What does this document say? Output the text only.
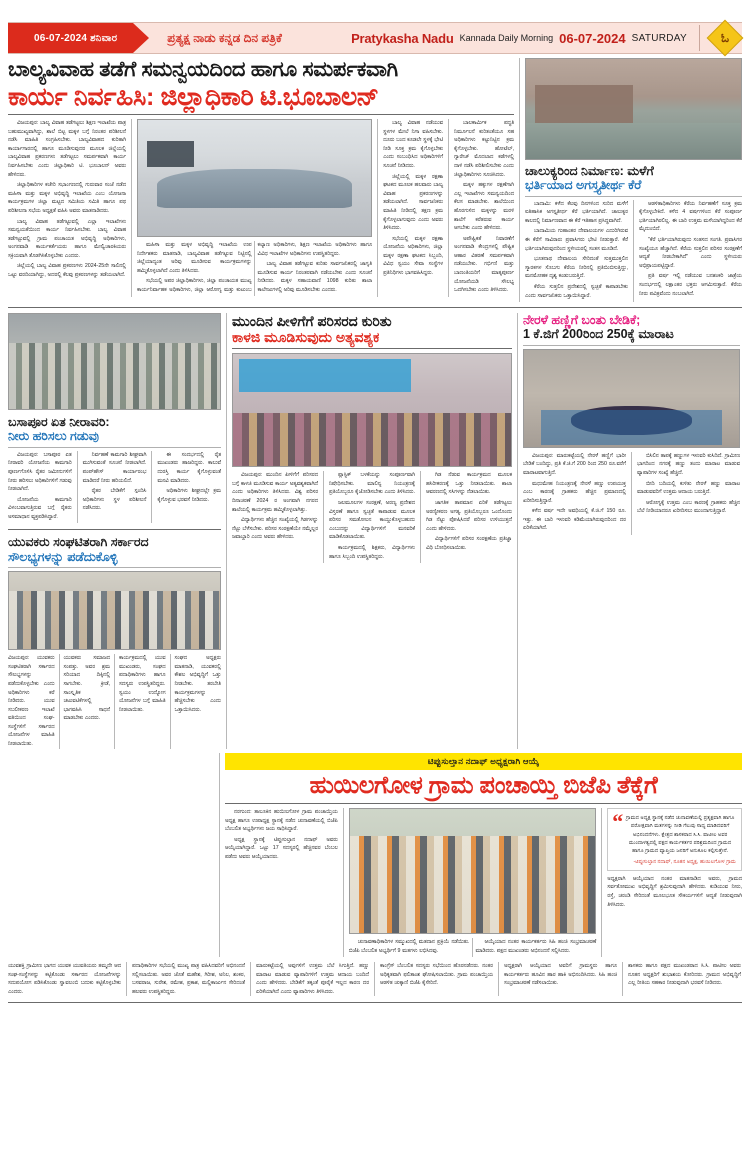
06-07-2024 ಶನಿವಾರ	ಪ್ರತ್ಯಕ್ಷ ನಾಡು ಕನ್ನಡ ದಿನ ಪತ್ರಿಕೆ	Pratykasha Nadu Kannada Daily Morning 06-07-2024 SATURDAY	ಓ
ಬಾಲ್ಯವಿವಾಹ ತಡೆಗೆ ಸಮನ್ವಯದಿಂದ ಹಾಗೂ ಸಮರ್ಪಕವಾಗಿ
ಕಾರ್ಯ ನಿರ್ವಹಿಸಿ: ಜಿಲ್ಲಾಧಿಕಾರಿ ಟಿ.ಭೂಬಾಲನ್

ವಿಜಯಪುರ: ಬಾಲ್ಯ ವಿವಾಹ ತಡೆಗಟ್ಟಲು ಶಿಕ್ಷಣ ಇಲಾಖೆಯ ಪಾತ್ರ ಬಹುಮುಖ್ಯವಾಗಿದ್ದು, ಶಾಲೆ ಬಿಟ್ಟ ಮಕ್ಕಳ ಬಗ್ಗೆ ನಿರಂತರ ಪರಿಶೀಲನೆ ನಡೆಸಿ ಮಾಹಿತಿ ಸಂಗ್ರಹಿಸಬೇಕು. ಬಾಲ್ಯವಿವಾಹದ ಕುರಿತಾಗಿ ಕಾರ್ಯಾಗಾರದಲ್ಲಿ ಹಾಗೂ ಮೂಡಿಸುವುದರ ಮೂಲಕ ಜಿಲ್ಲೆಯಲ್ಲಿ ಬಾಲ್ಯವಿವಾಹ ಪ್ರಕರಣಗಳು ತಡೆಗಟ್ಟಲು ಸಮರ್ಪಕವಾಗಿ ಕಾರ್ಯ ನಿರ್ವಹಿಸಬೇಕು ಎಂದು ಜಿಲ್ಲಾಧಿಕಾರಿ ಟಿ. ಭೂಬಾಲನ್ ಅವರು ಹೇಳಿದರು.

ಜಿಲ್ಲಾಧಿಕಾರಿಗಳ ಕಚೇರಿ ಸಭಾಂಗಣದಲ್ಲಿ ಗುರುವಾರ ಸಂಜೆ ನಡೆದ ಮಹಿಳಾ ಮತ್ತು ಮಕ್ಕಳ ಅಭಿವೃದ್ಧಿ ಇಲಾಖೆಯ ಎಂಬ ಯೋಜನಾ ಕಾರ್ಯಕ್ರಮಗಳ ಜಿಲ್ಲಾ ಮಟ್ಟದ ಸಮಿತಿಯ ಸಮಿತಿ ಹಾಗೂ ಪಥ ಪರಿಶೀಲನಾ ಸಭೆಯ ಅಧ್ಯಕ್ಷತೆ ವಹಿಸಿ ಅವರು ಮಾತನಾಡಿದರು.

ಬಾಲ್ಯ ವಿವಾಹ ತಡೆಗಟ್ಟುವಲ್ಲಿ ಎಲ್ಲಾ ಇಲಾಖೆಗಳು ಸಮನ್ವಯತೆಯಿಂದ ಕಾರ್ಯ ನಿರ್ವಹಿಸಬೇಕು. ಬಾಲ್ಯ ವಿವಾಹ ತಡೆಗಟ್ಟುವಲ್ಲಿ ಗ್ರಾಮ ಪಂಚಾಯತ ಅಭಿವೃದ್ಧಿ ಅಧಿಕಾರಿಗಳು, ಅಂಗನವಾಡಿ ಕಾರ್ಯಕರ್ತೆಯರು ಹಾಗೂ ಮೇಲ್ವಿಚಾರಕಿಯರು ಸಕ್ರಿಯವಾಗಿ ತೊಡಗಿಸಿಕೊಳ್ಳಬೇಕು ಎಂದರು.

ಜಿಲ್ಲೆಯಲ್ಲಿ ಬಾಲ್ಯ ವಿವಾಹ ಪ್ರಕರಣಗಳು 2024-25ನೇ ಸಾಲಿನಲ್ಲಿ ಒಟ್ಟು ವರದಿಯಾಗಿದ್ದು, ಅದರಲ್ಲಿ ಕೆಲವು ಪ್ರಕರಣಗಳನ್ನು ತಡೆಯಲಾಗಿದೆ.

ಮಹಿಳಾ ಮತ್ತು ಮಕ್ಕಳ ಅಭಿವೃದ್ಧಿ ಇಲಾಖೆಯ ಉಪ ನಿರ್ದೇಶಕರು ಮಾತನಾಡಿ, ಬಾಲ್ಯವಿವಾಹ ತಡೆಗಟ್ಟುವ ನಿಟ್ಟಿನಲ್ಲಿ ಜಿಲ್ಲೆಯಾದ್ಯಂತ ಅರಿವು ಮೂಡಿಸುವ ಕಾರ್ಯಕ್ರಮಗಳನ್ನು ಹಮ್ಮಿಕೊಳ್ಳಲಾಗಿದೆ ಎಂದು ತಿಳಿಸಿದರು.

ಸಭೆಯಲ್ಲಿ ಅಪರ ಜಿಲ್ಲಾಧಿಕಾರಿಗಳು, ಜಿಲ್ಲಾ ಪಂಚಾಯತ ಮುಖ್ಯ ಕಾರ್ಯನಿರ್ವಾಹಕ ಅಧಿಕಾರಿಗಳು, ಜಿಲ್ಲಾ ಆರೋಗ್ಯ ಮತ್ತು ಕುಟುಂಬ ಕಲ್ಯಾಣ ಅಧಿಕಾರಿಗಳು, ಶಿಕ್ಷಣ ಇಲಾಖೆಯ ಅಧಿಕಾರಿಗಳು ಹಾಗೂ ವಿವಿಧ ಇಲಾಖೆಗಳ ಅಧಿಕಾರಿಗಳು ಉಪಸ್ಥಿತರಿದ್ದರು.

ಬಾಲ್ಯ ವಿವಾಹ ತಡೆಗಟ್ಟುವ ಕುರಿತು ಸಾರ್ವಜನಿಕರಲ್ಲಿ ಜಾಗೃತಿ ಮೂಡಿಸುವ ಕಾರ್ಯ ನಿರಂತರವಾಗಿ ನಡೆಯಬೇಕು ಎಂದು ಸೂಚನೆ ನೀಡಿದರು. ಮಕ್ಕಳ ಸಹಾಯವಾಣಿ 1098 ಕುರಿತು ಶಾಲಾ ಕಾಲೇಜುಗಳಲ್ಲಿ ಅರಿವು ಮೂಡಿಸಬೇಕು ಎಂದರು.

ಬಾಲ್ಯ ವಿವಾಹ ನಡೆಯುವ ಸ್ಥಳಗಳ ಮೇಲೆ ನಿಗಾ ವಹಿಸಬೇಕು. ದೂರು ಬಂದ ಕೂಡಲೇ ಸ್ಥಳಕ್ಕೆ ಭೇಟಿ ನೀಡಿ ಸೂಕ್ತ ಕ್ರಮ ಕೈಗೊಳ್ಳಬೇಕು ಎಂದು ಸಂಬಂಧಿಸಿದ ಅಧಿಕಾರಿಗಳಿಗೆ ಸೂಚನೆ ನೀಡಿದರು.

ಜಿಲ್ಲೆಯಲ್ಲಿ ಮಕ್ಕಳ ರಕ್ಷಣಾ ಘಟಕದ ಮೂಲಕ ಹಲವಾರು ಬಾಲ್ಯ ವಿವಾಹ ಪ್ರಕರಣಗಳನ್ನು ತಡೆಯಲಾಗಿದೆ. ಸಾರ್ವಜನಿಕರು ಮಾಹಿತಿ ನೀಡಿದಲ್ಲಿ ತಕ್ಷಣ ಕ್ರಮ ಕೈಗೊಳ್ಳಲಾಗುವುದು ಎಂದು ಅವರು ತಿಳಿಸಿದರು.

ಸಭೆಯಲ್ಲಿ ಮಕ್ಕಳ ರಕ್ಷಣಾ ಯೋಜನೆಯ ಅಧಿಕಾರಿಗಳು, ಜಿಲ್ಲಾ ಮಕ್ಕಳ ರಕ್ಷಣಾ ಘಟಕದ ಸಿಬ್ಬಂದಿ, ವಿವಿಧ ಸ್ವಯಂ ಸೇವಾ ಸಂಸ್ಥೆಗಳ ಪ್ರತಿನಿಧಿಗಳು ಭಾಗವಹಿಸಿದ್ದರು.

ಬಾಲಕಾರ್ಮಿಕ ಪದ್ಧತಿ ನಿರ್ಮೂಲನೆ ಕುರಿತಂತೆಯೂ ಸಹ ಅಧಿಕಾರಿಗಳು ಕಟ್ಟುನಿಟ್ಟಿನ ಕ್ರಮ ಕೈಗೊಳ್ಳಬೇಕು. ಹೋಟೆಲ್, ಗ್ಯಾರೇಜ್ ಮೊದಲಾದ ಕಡೆಗಳಲ್ಲಿ ದಾಳಿ ನಡೆಸಿ ಪರಿಶೀಲಿಸಬೇಕು ಎಂದು ಜಿಲ್ಲಾಧಿಕಾರಿಗಳು ಸೂಚಿಸಿದರು.

ಮಕ್ಕಳ ಹಕ್ಕುಗಳ ರಕ್ಷಣೆಗಾಗಿ ಎಲ್ಲ ಇಲಾಖೆಗಳು ಸಮನ್ವಯದಿಂದ ಕೆಲಸ ಮಾಡಬೇಕು. ಶಾಲೆಯಿಂದ ಹೊರಗುಳಿದ ಮಕ್ಕಳನ್ನು ಮರಳಿ ಶಾಲೆಗೆ ಕರೆತರುವ ಕಾರ್ಯ ಆಗಬೇಕು ಎಂದು ಹೇಳಿದರು.

ಅಪೌಷ್ಟಿಕತೆ ನಿವಾರಣೆಗೆ ಅಂಗನವಾಡಿ ಕೇಂದ್ರಗಳಲ್ಲಿ ಪೌಷ್ಟಿಕ ಆಹಾರ ವಿತರಣೆ ಸಮರ್ಪಕವಾಗಿ ನಡೆಯಬೇಕು. ಗರ್ಭಿಣಿ ಮತ್ತು ಬಾಣಂತಿಯರಿಗೆ ಮಾತೃಪೂರ್ಣ ಯೋಜನೆಯಡಿ ಸೌಲಭ್ಯ ಒದಗಿಸಬೇಕು ಎಂದು ತಿಳಿಸಿದರು.

ಚಾಲುಕ್ಯರಿಂದ ನಿರ್ಮಾಣ: ಮಳೆಗೆ
ಭರ್ತಿಯಾದ ಅಗಸ್ತ್ಯತೀರ್ಥ ಕೆರೆ

ಬಾದಾಮಿ: ಕಳೆದ ಕೆಲವು ದಿನಗಳಿಂದ ಸುರಿದ ಮಳೆಗೆ ಐತಿಹಾಸಿಕ ಅಗಸ್ತ್ಯತೀರ್ಥ ಕೆರೆ ಭರ್ತಿಯಾಗಿದೆ. ಚಾಲುಕ್ಯರ ಕಾಲದಲ್ಲಿ ನಿರ್ಮಾಣವಾದ ಈ ಕೆರೆ ಇತಿಹಾಸ ಪ್ರಸಿದ್ಧವಾಗಿದೆ.

ಬಾದಾಮಿಯ ಗುಹಾಂತರ ದೇವಾಲಯಗಳ ಎದುರಿಗಿರುವ ಈ ಕೆರೆಗೆ ಸಾವಿರಾರು ಪ್ರವಾಸಿಗರು ಭೇಟಿ ನೀಡುತ್ತಾರೆ. ಕೆರೆ ಭರ್ತಿಯಾಗಿರುವುದರಿಂದ ಸ್ಥಳೀಯರಲ್ಲಿ ಸಂತಸ ಮೂಡಿದೆ.

ಭೂತನಾಥ ದೇವಾಲಯ ಸೇರಿದಂತೆ ಸುತ್ತಮುತ್ತಲಿನ ಸ್ಮಾರಕಗಳ ಸೊಬಗು ಕೆರೆಯ ನೀರಿನಲ್ಲಿ ಪ್ರತಿಬಿಂಬಿಸುತ್ತಿದ್ದು, ಮನಮೋಹಕ ದೃಶ್ಯ ಕಂಡುಬರುತ್ತಿದೆ.

ಕೆರೆಯ ಸುತ್ತಲಿನ ಪ್ರದೇಶದಲ್ಲಿ ಸ್ವಚ್ಛತೆ ಕಾಪಾಡಬೇಕು ಎಂದು ಸಾರ್ವಜನಿಕರು ಒತ್ತಾಯಿಸಿದ್ದಾರೆ.

ಆಡಳಿತಾಧಿಕಾರಿಗಳು ಕೆರೆಯ ನಿರ್ವಹಣೆಗೆ ಸೂಕ್ತ ಕ್ರಮ ಕೈಗೊಳ್ಳಬೇಕಿದೆ. ಕಳೆದ 4 ವರ್ಷಗಳಿಂದ ಕೆರೆ ಸಂಪೂರ್ಣ ಭರ್ತಿಯಾಗಿರಲಿಲ್ಲ. ಈ ಬಾರಿ ಉತ್ತಮ ಮಳೆಯಾಗಿದ್ದರಿಂದ ಕೆರೆ ಮೈದುಂಬಿದೆ.

"ಕೆರೆ ಭರ್ತಿಯಾಗಿರುವುದು ಸಂತಸದ ಸಂಗತಿ. ಪ್ರವಾಸಿಗರ ಸಂಖ್ಯೆಯೂ ಹೆಚ್ಚಾಗಿದೆ. ಕೆರೆಯ ಸುತ್ತಲಿನ ಪರಿಸರ ಸಂರಕ್ಷಣೆಗೆ ಆದ್ಯತೆ ನೀಡಬೇಕಾಗಿದೆ" ಎಂದು ಸ್ಥಳೀಯರು ಅಭಿಪ್ರಾಯಪಟ್ಟಿದ್ದಾರೆ.

ಪ್ರತಿ ವರ್ಷ ಇಲ್ಲಿ ನಡೆಯುವ ಬನಶಂಕರಿ ಜಾತ್ರೆಯ ಸಂದರ್ಭದಲ್ಲಿ ಲಕ್ಷಾಂತರ ಭಕ್ತರು ಆಗಮಿಸುತ್ತಾರೆ. ಕೆರೆಯ ನೀರು ಪವಿತ್ರವೆಂದು ನಂಬಲಾಗಿದೆ.

ಬಸಾಪೂರ ಏತ ನೀರಾವರಿ:
ನೀರು ಹರಿಸಲು ಗಡುವು

ವಿಜಯಪುರ: ಬಸಾಪೂರ ಏತ ನೀರಾವರಿ ಯೋಜನೆಯ ಕಾಮಗಾರಿ ಪೂರ್ಣಗೊಳಿಸಿ ರೈತರ ಜಮೀನುಗಳಿಗೆ ನೀರು ಹರಿಸಲು ಅಧಿಕಾರಿಗಳಿಗೆ ಗಡುವು ನೀಡಲಾಗಿದೆ.

ಯೋಜನೆಯ ಕಾಮಗಾರಿ ವಿಳಂಬವಾಗುತ್ತಿರುವ ಬಗ್ಗೆ ರೈತರು ಅಸಮಾಧಾನ ವ್ಯಕ್ತಪಡಿಸಿದ್ದಾರೆ.

ನಿರ್ವಹಣೆ ಕಾಮಗಾರಿ ಶೀಘ್ರವಾಗಿ ಮುಗಿಸುವಂತೆ ಸೂಚನೆ ನೀಡಲಾಗಿದೆ. ಪಂಪ್‌ಹೌಸ್ ಕಾರ್ಯಾರಂಭ ಮಾಡಿದರೆ ನೀರು ಹರಿಯಲಿದೆ.

ರೈತರ ಬೇಡಿಕೆಗೆ ಸ್ಪಂದಿಸಿ ಅಧಿಕಾರಿಗಳು ಸ್ಥಳ ಪರಿಶೀಲನೆ ನಡೆಸಿದರು.

ಈ ಸಂದರ್ಭದಲ್ಲಿ ರೈತ ಮುಖಂಡರು ಹಾಜರಿದ್ದರು. ಕಾಲುವೆ ದುರಸ್ತಿ ಕಾರ್ಯ ಕೈಗೊಳ್ಳುವಂತೆ ಮನವಿ ಮಾಡಿದರು.

ಅಧಿಕಾರಿಗಳು ಶೀಘ್ರದಲ್ಲೇ ಕ್ರಮ ಕೈಗೊಳ್ಳುವ ಭರವಸೆ ನೀಡಿದರು.

ಯುವಕರು ಸಂಘಟಿತರಾಗಿ ಸರ್ಕಾರದ
ಸೌಲಭ್ಯಗಳನ್ನು ಪಡೆದುಕೊಳ್ಳಿ
ವಿಜಯಪುರ: ಯುವಕರು ಸಂಘಟಿತರಾಗಿ ಸರ್ಕಾರದ ಸೌಲಭ್ಯಗಳನ್ನು ಪಡೆದುಕೊಳ್ಳಬೇಕು ಎಂದು ಅಧಿಕಾರಿಗಳು ಕರೆ ನೀಡಿದರು. ಯುವ ಸಬಲೀಕರಣ ಇಲಾಖೆ ವತಿಯಿಂದ ಸಂಘ-ಸಂಸ್ಥೆಗಳಿಗೆ ಸರ್ಕಾರದ ಯೋಜನೆಗಳ ಮಾಹಿತಿ ನೀಡಲಾಯಿತು.
ಯುವಕರು ಸಮಾಜದ ಸಂಪತ್ತು. ಅವರ ಶ್ರಮ ಸರಿಯಾದ ದಿಕ್ಕಿನಲ್ಲಿ ಸಾಗಬೇಕು. ಕ್ರೀಡೆ, ಸಾಂಸ್ಕೃತಿಕ ಚಟುವಟಿಕೆಗಳಲ್ಲಿ ಭಾಗವಹಿಸಿ ಸಾಧನೆ ಮಾಡಬೇಕು ಎಂದರು.
ಕಾರ್ಯಕ್ರಮದಲ್ಲಿ ಯುವ ಮುಖಂಡರು, ಸಂಘದ ಪದಾಧಿಕಾರಿಗಳು ಹಾಗೂ ಸದಸ್ಯರು ಉಪಸ್ಥಿತರಿದ್ದರು. ಸ್ವಯಂ ಉದ್ಯೋಗ ಯೋಜನೆಗಳ ಬಗ್ಗೆ ಮಾಹಿತಿ ನೀಡಲಾಯಿತು.
ಸಂಘದ ಅಧ್ಯಕ್ಷರು ಮಾತನಾಡಿ, ಯುವಕರಲ್ಲಿ ಕೌಶಲ ಅಭಿವೃದ್ಧಿಗೆ ಒತ್ತು ನೀಡಬೇಕು. ತರಬೇತಿ ಕಾರ್ಯಕ್ರಮಗಳನ್ನು ಹೆಚ್ಚಿಸಬೇಕು ಎಂದು ಒತ್ತಾಯಿಸಿದರು.
ಮುಂದಿನ ಪೀಳಿಗೆಗೆ ಪರಿಸರದ ಕುರಿತು
ಕಾಳಜಿ ಮೂಡಿಸುವುದು ಅತ್ಯವಶ್ಯಕ

ವಿಜಯಪುರ: ಮುಂದಿನ ಪೀಳಿಗೆಗೆ ಪರಿಸರದ ಬಗ್ಗೆ ಕಾಳಜಿ ಮೂಡಿಸುವ ಕಾರ್ಯ ಅತ್ಯವಶ್ಯಕವಾಗಿದೆ ಎಂದು ಅಧಿಕಾರಿಗಳು ತಿಳಿಸಿದರು. ವಿಶ್ವ ಪರಿಸರ ದಿನಾಚರಣೆ 2024 ರ ಅಂಗವಾಗಿ ನಗರದ ಶಾಲೆಯಲ್ಲಿ ಕಾರ್ಯಕ್ರಮ ಹಮ್ಮಿಕೊಳ್ಳಲಾಗಿತ್ತು.

ವಿದ್ಯಾರ್ಥಿಗಳು ಹೆಚ್ಚಿನ ಸಂಖ್ಯೆಯಲ್ಲಿ ಗಿಡಗಳನ್ನು ನೆಟ್ಟು ಬೆಳೆಸಬೇಕು. ಪರಿಸರ ಸಂರಕ್ಷಣೆಯೇ ನಮ್ಮೆಲ್ಲರ ಜವಾಬ್ದಾರಿ ಎಂದು ಅವರು ಹೇಳಿದರು.

ಪ್ಲಾಸ್ಟಿಕ್ ಬಳಕೆಯನ್ನು ಸಂಪೂರ್ಣವಾಗಿ ನಿಷೇಧಿಸಬೇಕು. ಮಾಲಿನ್ಯ ನಿಯಂತ್ರಣಕ್ಕೆ ಪ್ರತಿಯೊಬ್ಬರೂ ಕೈಜೋಡಿಸಬೇಕು ಎಂದು ತಿಳಿಸಿದರು.

ಜಲಮೂಲಗಳ ಸಂರಕ್ಷಣೆ, ಅರಣ್ಯ ಪ್ರದೇಶದ ವಿಸ್ತರಣೆ ಹಾಗೂ ಸ್ವಚ್ಛತೆ ಕಾಪಾಡುವ ಮೂಲಕ ಪರಿಸರ ಸಮತೋಲನ ಕಾಯ್ದುಕೊಳ್ಳಬಹುದು ಎಂಬುದನ್ನು ವಿದ್ಯಾರ್ಥಿಗಳಿಗೆ ಮನವರಿಕೆ ಮಾಡಿಕೊಡಲಾಯಿತು.

ಕಾರ್ಯಕ್ರಮದಲ್ಲಿ ಶಿಕ್ಷಕರು, ವಿದ್ಯಾರ್ಥಿಗಳು ಹಾಗೂ ಸಿಬ್ಬಂದಿ ಉಪಸ್ಥಿತರಿದ್ದರು.

ಗಿಡ ನೆಡುವ ಕಾರ್ಯಕ್ರಮದ ಮೂಲಕ ಹಸಿರೀಕರಣಕ್ಕೆ ಒತ್ತು ನೀಡಲಾಯಿತು. ಶಾಲಾ ಆವರಣದಲ್ಲಿ ಸಸಿಗಳನ್ನು ನೆಡಲಾಯಿತು.

ಜಾಗತಿಕ ತಾಪಮಾನ ಏರಿಕೆ ತಡೆಗಟ್ಟಲು ಅರಣ್ಯೀಕರಣ ಅಗತ್ಯ. ಪ್ರತಿಯೊಬ್ಬರೂ ಒಂದೊಂದು ಗಿಡ ನೆಟ್ಟು ಪೋಷಿಸಿದರೆ ಪರಿಸರ ಉಳಿಯುತ್ತದೆ ಎಂದು ಹೇಳಿದರು.

ವಿದ್ಯಾರ್ಥಿಗಳಿಗೆ ಪರಿಸರ ಸಂರಕ್ಷಣೆಯ ಪ್ರತಿಜ್ಞಾ ವಿಧಿ ಬೋಧಿಸಲಾಯಿತು.

ನೇರಳೆ ಹಣ್ಣಿಗೆ ಬಂತು ಬೇಡಿಕೆ;
1 ಕೆ.ಜಿಗೆ 200ರಿಂದ 250ಕ್ಕೆ ಮಾರಾಟ

ವಿಜಯಪುರ: ಮಾರುಕಟ್ಟೆಯಲ್ಲಿ ನೇರಳೆ ಹಣ್ಣಿಗೆ ಭಾರೀ ಬೇಡಿಕೆ ಬಂದಿದ್ದು, ಪ್ರತಿ ಕೆ.ಜಿ.ಗೆ 200 ರಿಂದ 250 ರೂ.ವರೆಗೆ ಮಾರಾಟವಾಗುತ್ತಿದೆ.

ಮಧುಮೇಹ ನಿಯಂತ್ರಣಕ್ಕೆ ನೇರಳೆ ಹಣ್ಣು ಉಪಯುಕ್ತ ಎಂಬ ಕಾರಣಕ್ಕೆ ಗ್ರಾಹಕರು ಹೆಚ್ಚಿನ ಪ್ರಮಾಣದಲ್ಲಿ ಖರೀದಿಸುತ್ತಿದ್ದಾರೆ.

ಕಳೆದ ವರ್ಷ ಇದೇ ಅವಧಿಯಲ್ಲಿ ಕೆ.ಜಿ.ಗೆ 150 ರೂ. ಇತ್ತು. ಈ ಬಾರಿ ಇಳುವರಿ ಕಡಿಮೆಯಾಗಿರುವುದರಿಂದ ದರ ಏರಿಕೆಯಾಗಿದೆ.

ಬಿಸಿಲಿನ ತಾಪಕ್ಕೆ ಹಣ್ಣುಗಳ ಇಳುವರಿ ಕುಸಿದಿದೆ. ಗ್ರಾಮೀಣ ಭಾಗದಿಂದ ನಗರಕ್ಕೆ ಹಣ್ಣು ತಂದು ಮಾರಾಟ ಮಾಡುವ ವ್ಯಾಪಾರಿಗಳ ಸಂಖ್ಯೆ ಹೆಚ್ಚಿದೆ.

ಬೀದಿ ಬದಿಯಲ್ಲಿ ಕುಳಿತು ನೇರಳೆ ಹಣ್ಣು ಮಾರಾಟ ಮಾಡುವವರಿಗೆ ಉತ್ತಮ ಆದಾಯ ಬರುತ್ತಿದೆ.

ಆರೋಗ್ಯಕ್ಕೆ ಉತ್ತಮ ಎಂಬ ಕಾರಣಕ್ಕೆ ಗ್ರಾಹಕರು ಹೆಚ್ಚಿನ ಬೆಲೆ ನೀಡಿಯಾದರೂ ಖರೀದಿಸಲು ಮುಂದಾಗುತ್ತಿದ್ದಾರೆ.

ಟಿಪ್ಪುಸುಲ್ತಾನ ನದಾಫ್ ಅಧ್ಯಕ್ಷರಾಗಿ ಆಯ್ಕೆ
ಹುಯಿಲಗೋಳ ಗ್ರಾಮ ಪಂಚಾಯ್ತಿ ಬಿಜೆಪಿ ತೆಕ್ಕೆಗೆ

ನರಗುಂದ: ತಾಲೂಕಿನ ಹುಯಿಲಗೋಳ ಗ್ರಾಮ ಪಂಚಾಯ್ತಿಯ ಅಧ್ಯಕ್ಷ ಹಾಗೂ ಉಪಾಧ್ಯಕ್ಷ ಸ್ಥಾನಕ್ಕೆ ನಡೆದ ಚುನಾವಣೆಯಲ್ಲಿ ಬಿಜೆಪಿ ಬೆಂಬಲಿತ ಅಭ್ಯರ್ಥಿಗಳು ಜಯ ಸಾಧಿಸಿದ್ದಾರೆ.

ಅಧ್ಯಕ್ಷ ಸ್ಥಾನಕ್ಕೆ ಟಿಪ್ಪುಸುಲ್ತಾನ ನದಾಫ್ ಅವರು ಆಯ್ಕೆಯಾಗಿದ್ದಾರೆ. ಒಟ್ಟು 17 ಸದಸ್ಯರಲ್ಲಿ ಹೆಚ್ಚಿನವರ ಬೆಂಬಲ ಪಡೆದು ಅವರು ಆಯ್ಕೆಯಾದರು.

ಚುನಾವಣಾಧಿಕಾರಿಗಳ ಸಮ್ಮುಖದಲ್ಲಿ ಮತದಾನ ಪ್ರಕ್ರಿಯೆ ನಡೆಯಿತು. ಬಿಜೆಪಿ ಬೆಂಬಲಿತ ಅಭ್ಯರ್ಥಿಗೆ 9 ಮತಗಳು ಲಭಿಸಿದವು.

ಆಯ್ಕೆಯಾದ ನಂತರ ಕಾರ್ಯಕರ್ತರು ಸಿಹಿ ಹಂಚಿ ಸಂಭ್ರಮಾಚರಣೆ ಮಾಡಿದರು. ಪಕ್ಷದ ಮುಖಂಡರು ಅಭಿನಂದನೆ ಸಲ್ಲಿಸಿದರು.

“ ಗ್ರಾಮದ ಅಧ್ಯಕ್ಷ ಸ್ಥಾನಕ್ಕೆ ನಡೆದ ಚುನಾವಣೆಯಲ್ಲಿ ಪ್ರತ್ಯಕ್ಷವಾಗಿ ಹಾಗೂ ಪರೋಕ್ಷವಾಗಿ ಮತಗಳನ್ನು ನೀಡಿ ಗೆಲುವು ಸಾಧ್ಯ ಮಾಡಿದವರಿಗೆ ಅಭಿನಂದನೆಗಳು. ಕ್ಷೇತ್ರದ ಶಾಸಕರಾದ ಸಿ.ಸಿ. ಪಾಟೀಲ ಅವರ ಮುಂದಾಳತ್ವದಲ್ಲಿ ಪಕ್ಷದ ಕಾರ್ಯಕರ್ತರ ಪರಿಶ್ರಮದಿಂದ ಗ್ರಾಮದ ಹಾಗೂ ಗ್ರಾಮದ ವ್ಯಾಪ್ತಿಯ ಜನರಿಗೆ ಅನುಕೂಲ ಕಲ್ಪಿಸುತ್ತೇನೆ.
-ಟಿಪ್ಪುಸುಲ್ತಾನ ನದಾಫ್, ನೂತನ ಅಧ್ಯಕ್ಷ, ಹುಯಿಲಗೋಳ ಗ್ರಾಮ
ಅಧ್ಯಕ್ಷರಾಗಿ ಆಯ್ಕೆಯಾದ ನಂತರ ಮಾತನಾಡಿದ ಅವರು, ಗ್ರಾಮದ ಸರ್ವತೋಮುಖ ಅಭಿವೃದ್ಧಿಗೆ ಶ್ರಮಿಸುವುದಾಗಿ ಹೇಳಿದರು. ಕುಡಿಯುವ ನೀರು, ರಸ್ತೆ, ಚರಂಡಿ ಸೇರಿದಂತೆ ಮೂಲಭೂತ ಸೌಕರ್ಯಗಳಿಗೆ ಆದ್ಯತೆ ನೀಡುವುದಾಗಿ ತಿಳಿಸಿದರು.
ಯುವಶಕ್ತಿ ಗ್ರಾಮೀಣ ಭಾಗದ ಯುವಕ ಯುವತಿಯರು ತಮ್ಮದೇ ಆದ ಸಂಘ-ಸಂಸ್ಥೆಗಳನ್ನು ಕಟ್ಟಿಕೊಂಡು ಸರ್ಕಾರದ ಯೋಜನೆಗಳನ್ನು ಸದುಪಯೋಗ ಪಡಿಸಿಕೊಂಡು ಸ್ವಾವಲಂಬಿ ಬದುಕು ಕಟ್ಟಿಕೊಳ್ಳಬೇಕು ಎಂದರು.
ಪದಾಧಿಕಾರಿಗಳ ಸಭೆಯಲ್ಲಿ ಮುಖ್ಯ ಪಾತ್ರ ವಹಿಸಿದವರಿಗೆ ಅಭಿನಂದನೆ ಸಲ್ಲಿಸಲಾಯಿತು. ಅವರ ಜೊತೆ ಮಹೇಶ, ಗಿರೀಶ, ಅನಿಲ, ಶಂಕರ, ಬಸವರಾಜ, ಸುರೇಶ, ರಮೇಶ, ಪ್ರಕಾಶ, ಮಲ್ಲಿಕಾರ್ಜುನ ಸೇರಿದಂತೆ ಹಲವರು ಉಪಸ್ಥಿತರಿದ್ದರು.
ಮಾರುಕಟ್ಟೆಯಲ್ಲಿ ಅವುಗಳಿಗೆ ಉತ್ತಮ ಬೆಲೆ ಸಿಗುತ್ತಿದೆ. ಹಣ್ಣು ಮಾರಾಟ ಮಾಡುವ ವ್ಯಾಪಾರಿಗಳಿಗೆ ಉತ್ತಮ ಆದಾಯ ಬಂದಿದೆ ಎಂದು ಹೇಳಿದರು. ಬೇಡಿಕೆಗೆ ತಕ್ಕಂತೆ ಪೂರೈಕೆ ಇಲ್ಲದ ಕಾರಣ ದರ ಏರಿಕೆಯಾಗಿದೆ ಎಂದು ವ್ಯಾಪಾರಿಗಳು ತಿಳಿಸಿದರು.
ಕಾಂಗ್ರೆಸ್ ಬೆಂಬಲಿತ ಸದಸ್ಯರು ಸಭೆಯಿಂದ ಹೊರನಡೆದರು. ನಂತರ ಅಧಿಕೃತವಾಗಿ ಫಲಿತಾಂಶ ಘೋಷಿಸಲಾಯಿತು. ಗ್ರಾಮ ಪಂಚಾಯ್ತಿಯ ಆಡಳಿತ ಚುಕ್ಕಾಣಿ ಬಿಜೆಪಿ ಕೈಸೇರಿದೆ.
ಅಧ್ಯಕ್ಷರಾಗಿ ಆಯ್ಕೆಯಾದ ಅವರಿಗೆ ಗ್ರಾಮಸ್ಥರು ಹಾಗೂ ಕಾರ್ಯಕರ್ತರು ಹೂವಿನ ಹಾರ ಹಾಕಿ ಅಭಿನಂದಿಸಿದರು. ಸಿಹಿ ಹಂಚಿ ಸಂಭ್ರಮಾಚರಣೆ ನಡೆಸಲಾಯಿತು.
ಶಾಸಕರು ಹಾಗೂ ಪಕ್ಷದ ಮುಖಂಡರಾದ ಸಿ.ಸಿ. ಪಾಟೀಲ ಅವರು ನೂತನ ಅಧ್ಯಕ್ಷರಿಗೆ ಶುಭಾಶಯ ಕೋರಿದರು. ಗ್ರಾಮದ ಅಭಿವೃದ್ಧಿಗೆ ಎಲ್ಲ ರೀತಿಯ ಸಹಕಾರ ನೀಡುವುದಾಗಿ ಭರವಸೆ ನೀಡಿದರು.
